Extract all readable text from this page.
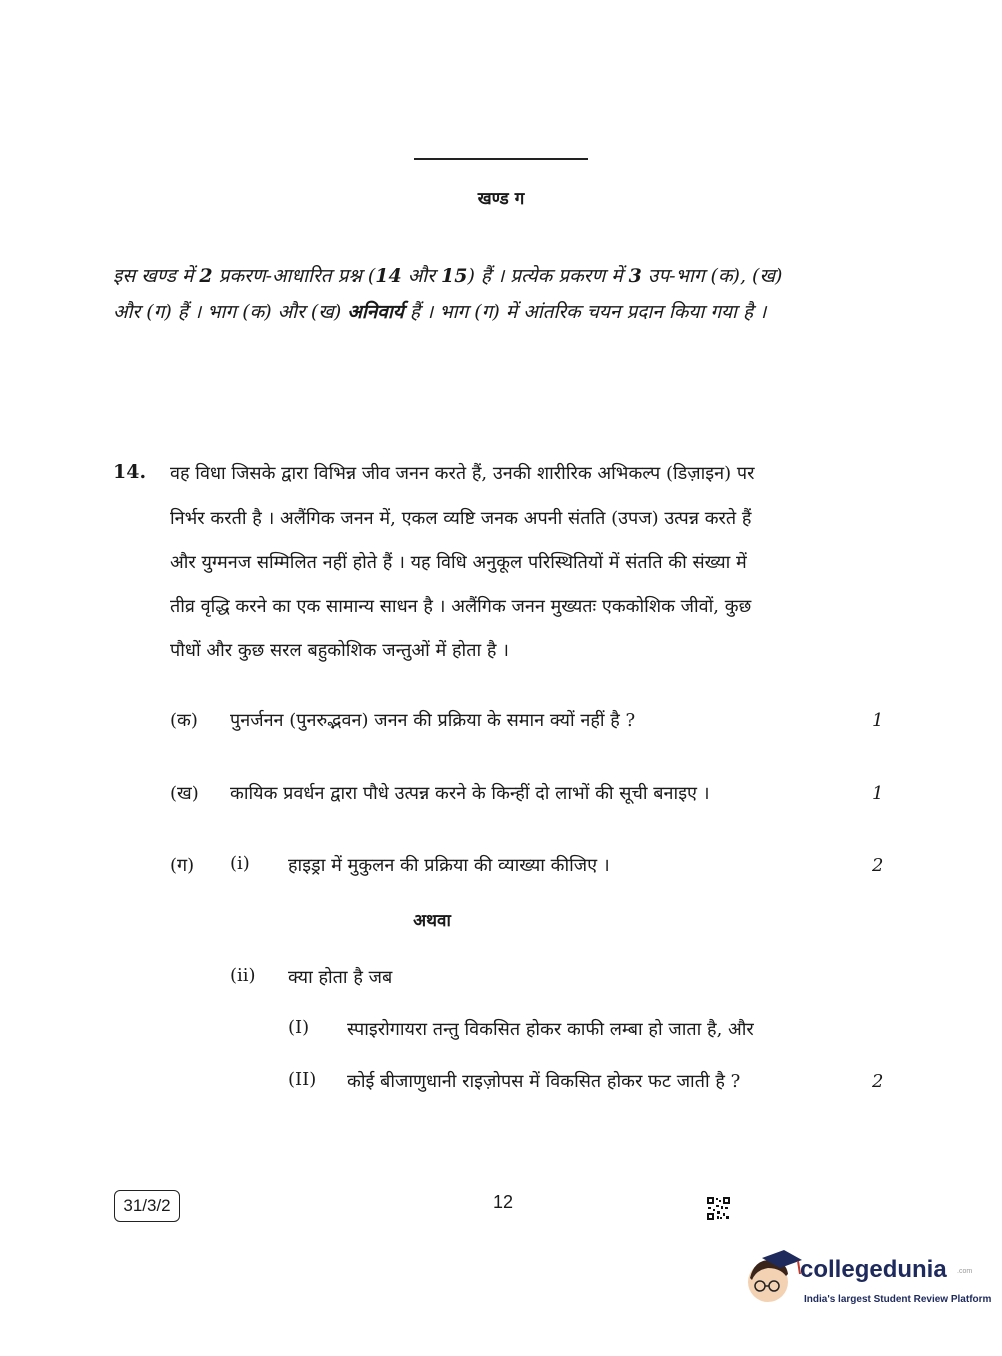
खण्ड ग
इस खण्ड में 2 प्रकरण-आधारित प्रश्न (14 और 15) हैं । प्रत्येक प्रकरण में 3 उप-भाग (क), (ख)
और (ग) हैं । भाग (क) और (ख) अनिवार्य हैं । भाग (ग) में आंतरिक चयन प्रदान किया गया है ।
14. वह विधा जिसके द्वारा विभिन्न जीव जनन करते हैं, उनकी शारीरिक अभिकल्प (डिज़ाइन) पर
निर्भर करती है । अलैंगिक जनन में, एकल व्यष्टि जनक अपनी संतति (उपज) उत्पन्न करते हैं
और युग्मनज सम्मिलित नहीं होते हैं । यह विधि अनुकूल परिस्थितियों में संतति की संख्या में
तीव्र वृद्धि करने का एक सामान्य साधन है । अलैंगिक जनन मुख्यतः एककोशिक जीवों, कुछ
पौधों और कुछ सरल बहुकोशिक जन्तुओं में होता है ।
(क) पुनर्जनन (पुनरुद्भवन) जनन की प्रक्रिया के समान क्यों नहीं है ?	1
(ख) कायिक प्रवर्धन द्वारा पौधे उत्पन्न करने के किन्हीं दो लाभों की सूची बनाइए ।	1
(ग) (i) हाइड्रा में मुकुलन की प्रक्रिया की व्याख्या कीजिए ।	2
अथवा
(ii) क्या होता है जब
(I) स्पाइरोगायरा तन्तु विकसित होकर काफी लम्बा हो जाता है, और
(II) कोई बीजाणुधानी राइज़ोपस में विकसित होकर फट जाती है ?	2
31/3/2	12
collegedunia .com
India's largest Student Review Platform
